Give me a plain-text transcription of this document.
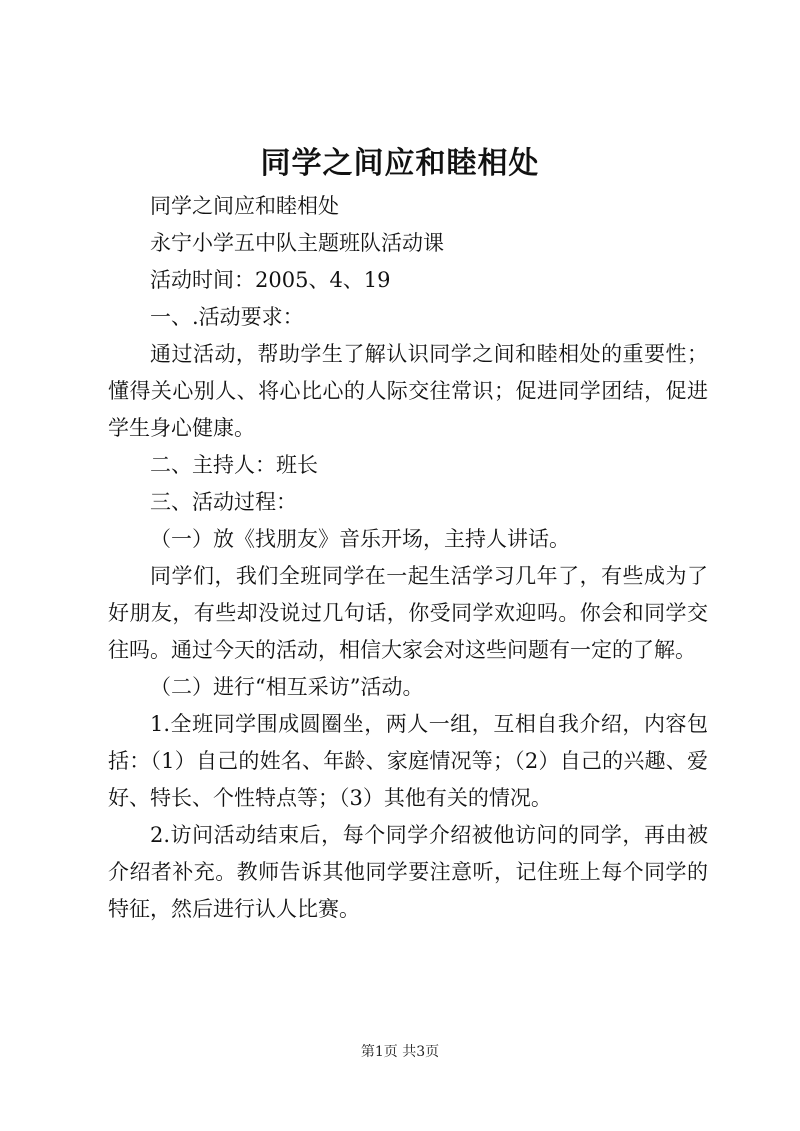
同学之间应和睦相处

同学之间应和睦相处

永宁小学五中队主题班队活动课

活动时间：2005、4、19

一、.活动要求：

通过活动，帮助学生了解认识同学之间和睦相处的重要性；懂得关心别人、将心比心的人际交往常识；促进同学团结，促进学生身心健康。

二、主持人：班长

三、活动过程：

（一）放《找朋友》音乐开场，主持人讲话。

同学们，我们全班同学在一起生活学习几年了，有些成为了好朋友，有些却没说过几句话，你受同学欢迎吗。你会和同学交往吗。通过今天的活动，相信大家会对这些问题有一定的了解。

（二）进行“相互采访”活动。

1.全班同学围成圆圈坐，两人一组，互相自我介绍，内容包括：（1）自己的姓名、年龄、家庭情况等；（2）自己的兴趣、爱好、特长、个性特点等；（3）其他有关的情况。

2.访问活动结束后，每个同学介绍被他访问的同学，再由被介绍者补充。教师告诉其他同学要注意听，记住班上每个同学的特征，然后进行认人比赛。

第1页 共3页
